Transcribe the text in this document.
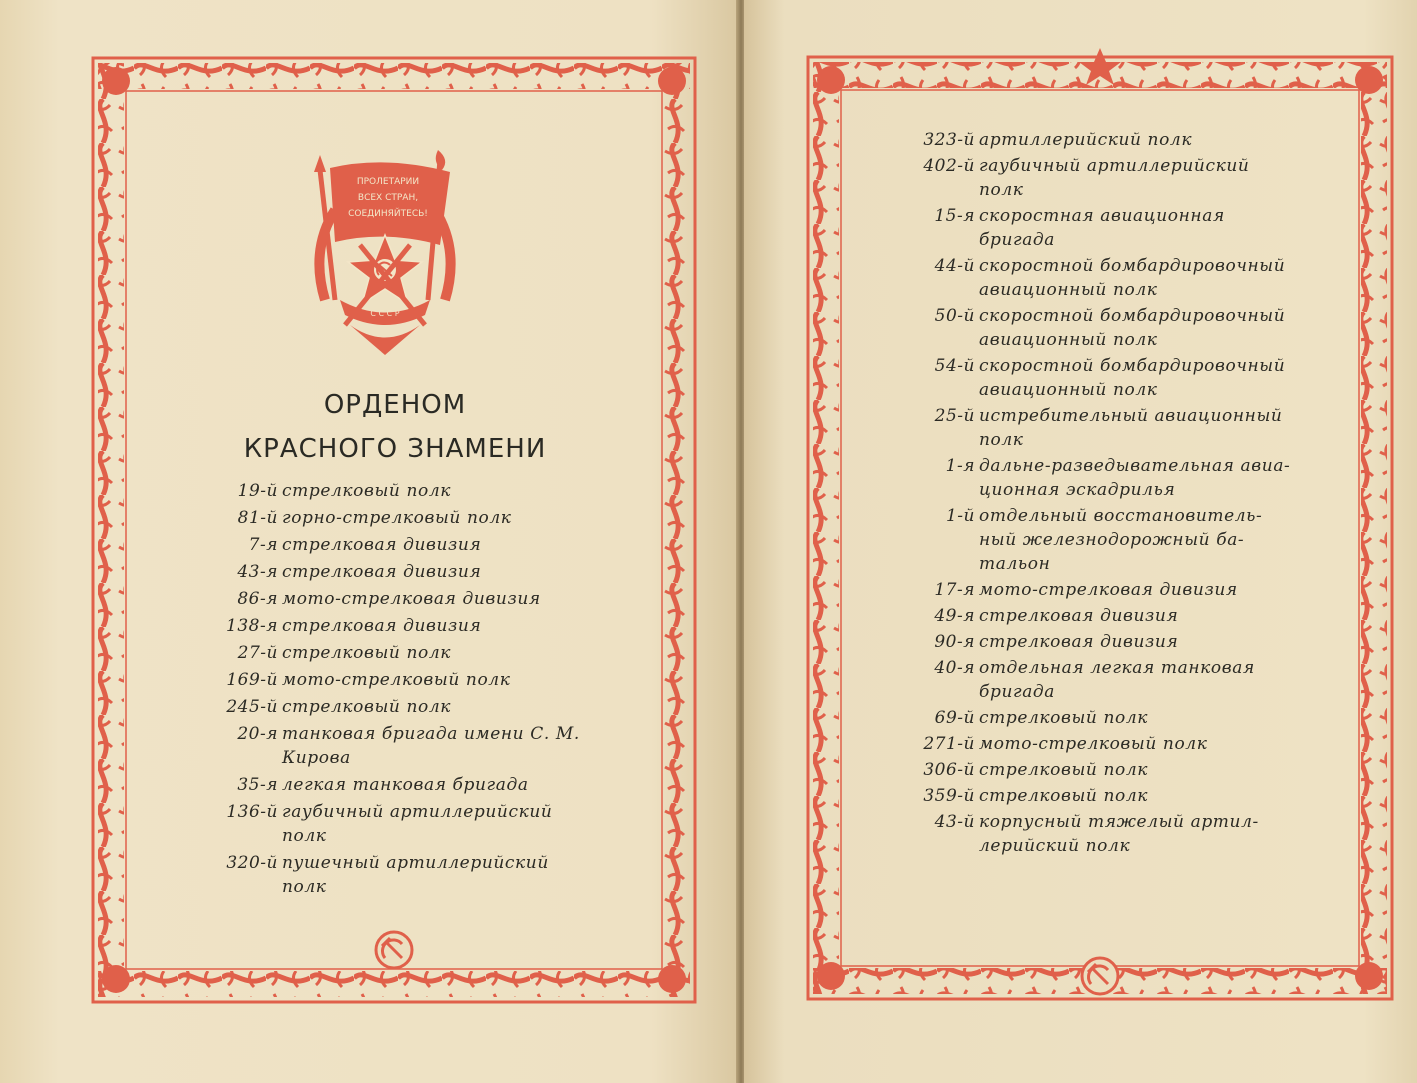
ПРОЛЕТАРИИ
ВСЕХ СТРАН,
СОЕДИНЯЙТЕСЬ!
С С С Р
ОРДЕНОМ
КРАСНОГО ЗНАМЕНИ
19-й стрелковый полк
81-й горно-стрелковый полк
7-я стрелковая дивизия
43-я стрелковая дивизия
86-я мото-стрелковая дивизия
138-я стрелковая дивизия
27-й стрелковый полк
169-й мото-стрелковый полк
245-й стрелковый полк
20-я танковая бригада имени С. М.
Кирова
35-я легкая танковая бригада
136-й гаубичный артиллерийский
полк
320-й пушечный артиллерийский
полк
323-й артиллерийский полк
402-й гаубичный артиллерийский
полк
15-я скоростная авиационная
бригада
44-й скоростной бомбардировочный
авиационный полк
50-й скоростной бомбардировочный
авиационный полк
54-й скоростной бомбардировочный
авиационный полк
25-й истребительный авиационный
полк
1-я дальне-разведывательная авиа-
ционная эскадрилья
1-й отдельный восстановитель-
ный железнодорожный ба-
тальон
17-я мото-стрелковая дивизия
49-я стрелковая дивизия
90-я стрелковая дивизия
40-я отдельная легкая танковая
бригада
69-й стрелковый полк
271-й мото-стрелковый полк
306-й стрелковый полк
359-й стрелковый полк
43-й корпусный тяжелый артил-
лерийский полк
